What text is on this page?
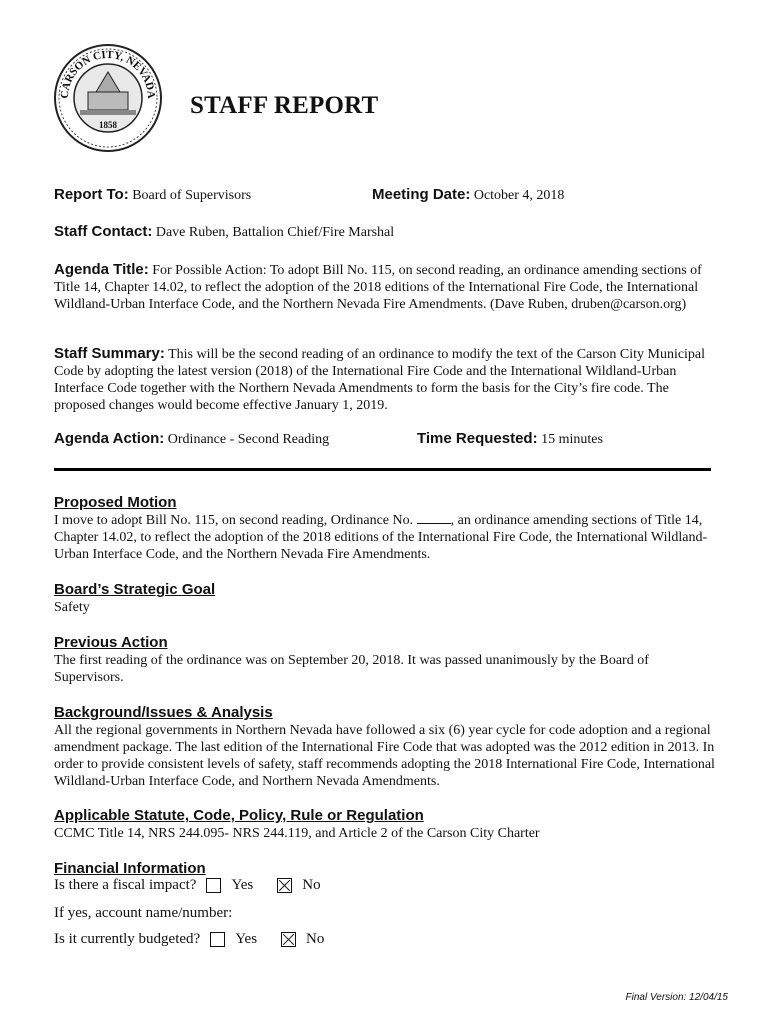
CARSON CITY, NEVADA
1858
STAFF REPORT
Report To: Board of Supervisors	Meeting Date: October 4, 2018
Staff Contact: Dave Ruben, Battalion Chief/Fire Marshal
Agenda Title: For Possible Action: To adopt Bill No. 115, on second reading, an ordinance amending sections of Title 14, Chapter 14.02, to reflect the adoption of the 2018 editions of the International Fire Code, the International Wildland-Urban Interface Code, and the Northern Nevada Fire Amendments. (Dave Ruben, druben@carson.org)
Staff Summary: This will be the second reading of an ordinance to modify the text of the Carson City Municipal Code by adopting the latest version (2018) of the International Fire Code and the International Wildland-Urban Interface Code together with the Northern Nevada Amendments to form the basis for the City’s fire code. The proposed changes would become effective January 1, 2019.
Agenda Action: Ordinance - Second Reading	Time Requested: 15 minutes
Proposed Motion
I move to adopt Bill No. 115, on second reading, Ordinance No. , an ordinance amending sections of Title 14, Chapter 14.02, to reflect the adoption of the 2018 editions of the International Fire Code, the International Wildland-Urban Interface Code, and the Northern Nevada Fire Amendments.
Board’s Strategic Goal
Safety
Previous Action
The first reading of the ordinance was on September 20, 2018. It was passed unanimously by the Board of Supervisors.
Background/Issues & Analysis
All the regional governments in Northern Nevada have followed a six (6) year cycle for code adoption and a regional amendment package. The last edition of the International Fire Code that was adopted was the 2012 edition in 2013. In order to provide consistent levels of safety, staff recommends adopting the 2018 International Fire Code, International Wildland-Urban Interface Code, and Northern Nevada Amendments.
Applicable Statute, Code, Policy, Rule or Regulation
CCMC Title 14, NRS 244.095- NRS 244.119, and Article 2 of the Carson City Charter
Financial Information
Is there a fiscal impact? Yes	No
If yes, account name/number:
Is it currently budgeted? Yes	No
Final Version: 12/04/15
